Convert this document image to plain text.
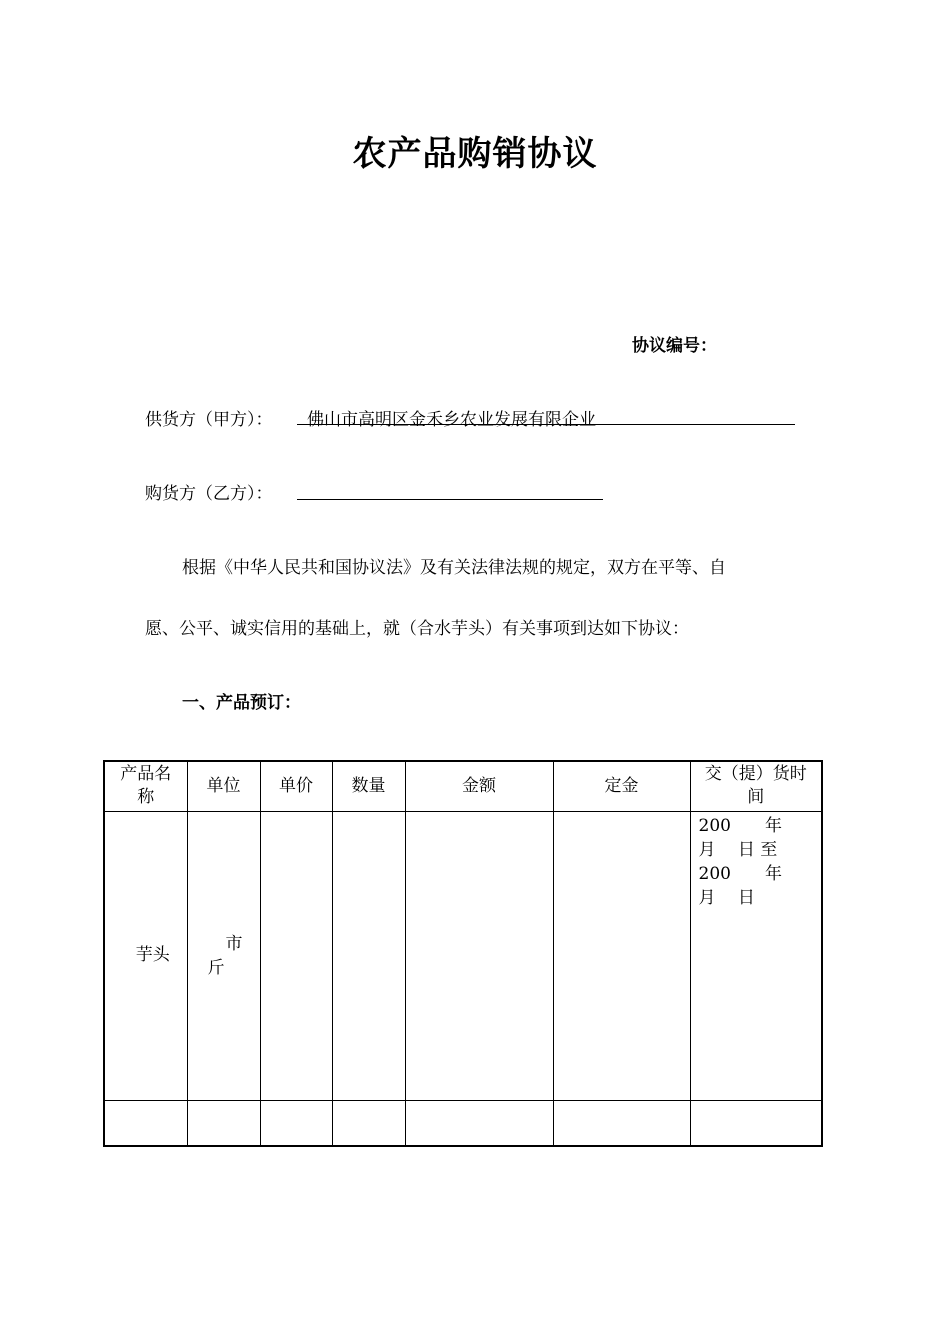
农产品购销协议
协议编号：
供货方（甲方）：	佛山市高明区金禾乡农业发展有限企业
购货方（乙方）：
根据《中华人民共和国协议法》及有关法律法规的规定，双方在平等、自
愿、公平、诚实信用的基础上，就（合水芋头）有关事项到达如下协议：
一、产品预订：
产品名
称	单位	单价	数量	金额	定金	交（提）货时
间
芋头	市
斤					200　　年
月　 日 至
200　　年
月　 日
